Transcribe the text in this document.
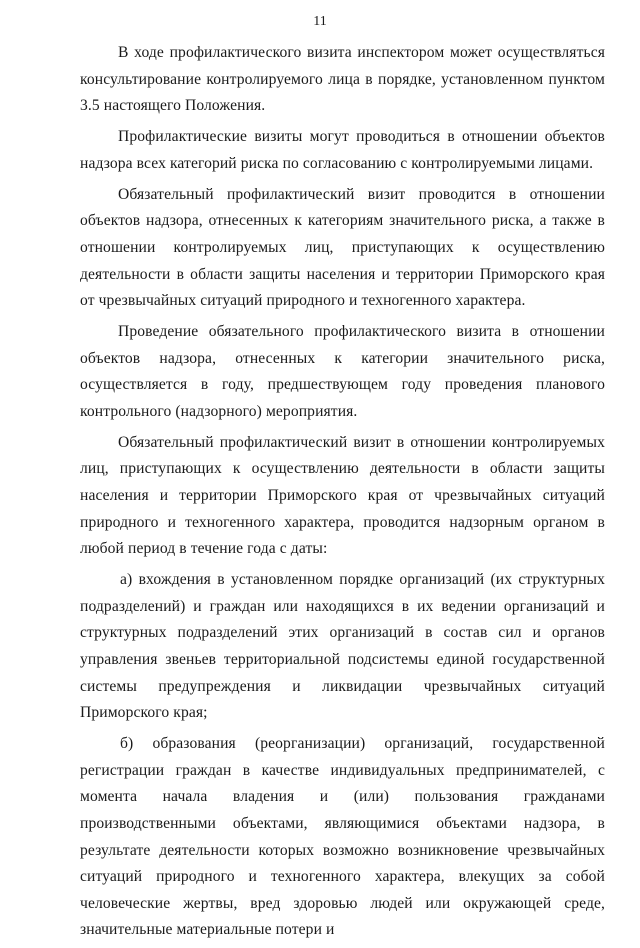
11

В ходе профилактического визита инспектором может осуществляться консультирование контролируемого лица в порядке, установленном пунктом 3.5 настоящего Положения.

Профилактические визиты могут проводиться в отношении объектов надзора всех категорий риска по согласованию с контролируемыми лицами.

Обязательный профилактический визит проводится в отношении объектов надзора, отнесенных к категориям значительного риска, а также в отношении контролируемых лиц, приступающих к осуществлению деятельности в области защиты населения и территории Приморского края от чрезвычайных ситуаций природного и техногенного характера.

Проведение обязательного профилактического визита в отношении объектов надзора, отнесенных к категории значительного риска, осуществляется в году, предшествующем году проведения планового контрольного (надзорного) мероприятия.

Обязательный профилактический визит в отношении контролируемых лиц, приступающих к осуществлению деятельности в области защиты населения и территории Приморского края от чрезвычайных ситуаций природного и техногенного характера, проводится надзорным органом в любой период в течение года с даты:

а) вхождения в установленном порядке организаций (их структурных подразделений) и граждан или находящихся в их ведении организаций и структурных подразделений этих организаций в состав сил и органов управления звеньев территориальной подсистемы единой государственной системы предупреждения и ликвидации чрезвычайных ситуаций Приморского края;

б) образования (реорганизации) организаций, государственной регистрации граждан в качестве индивидуальных предпринимателей, с момента начала владения и (или) пользования гражданами производственными объектами, являющимися объектами надзора, в результате деятельности которых возможно возникновение чрезвычайных ситуаций природного и техногенного характера, влекущих за собой человеческие жертвы, вред здоровью людей или окружающей среде, значительные материальные потери и
